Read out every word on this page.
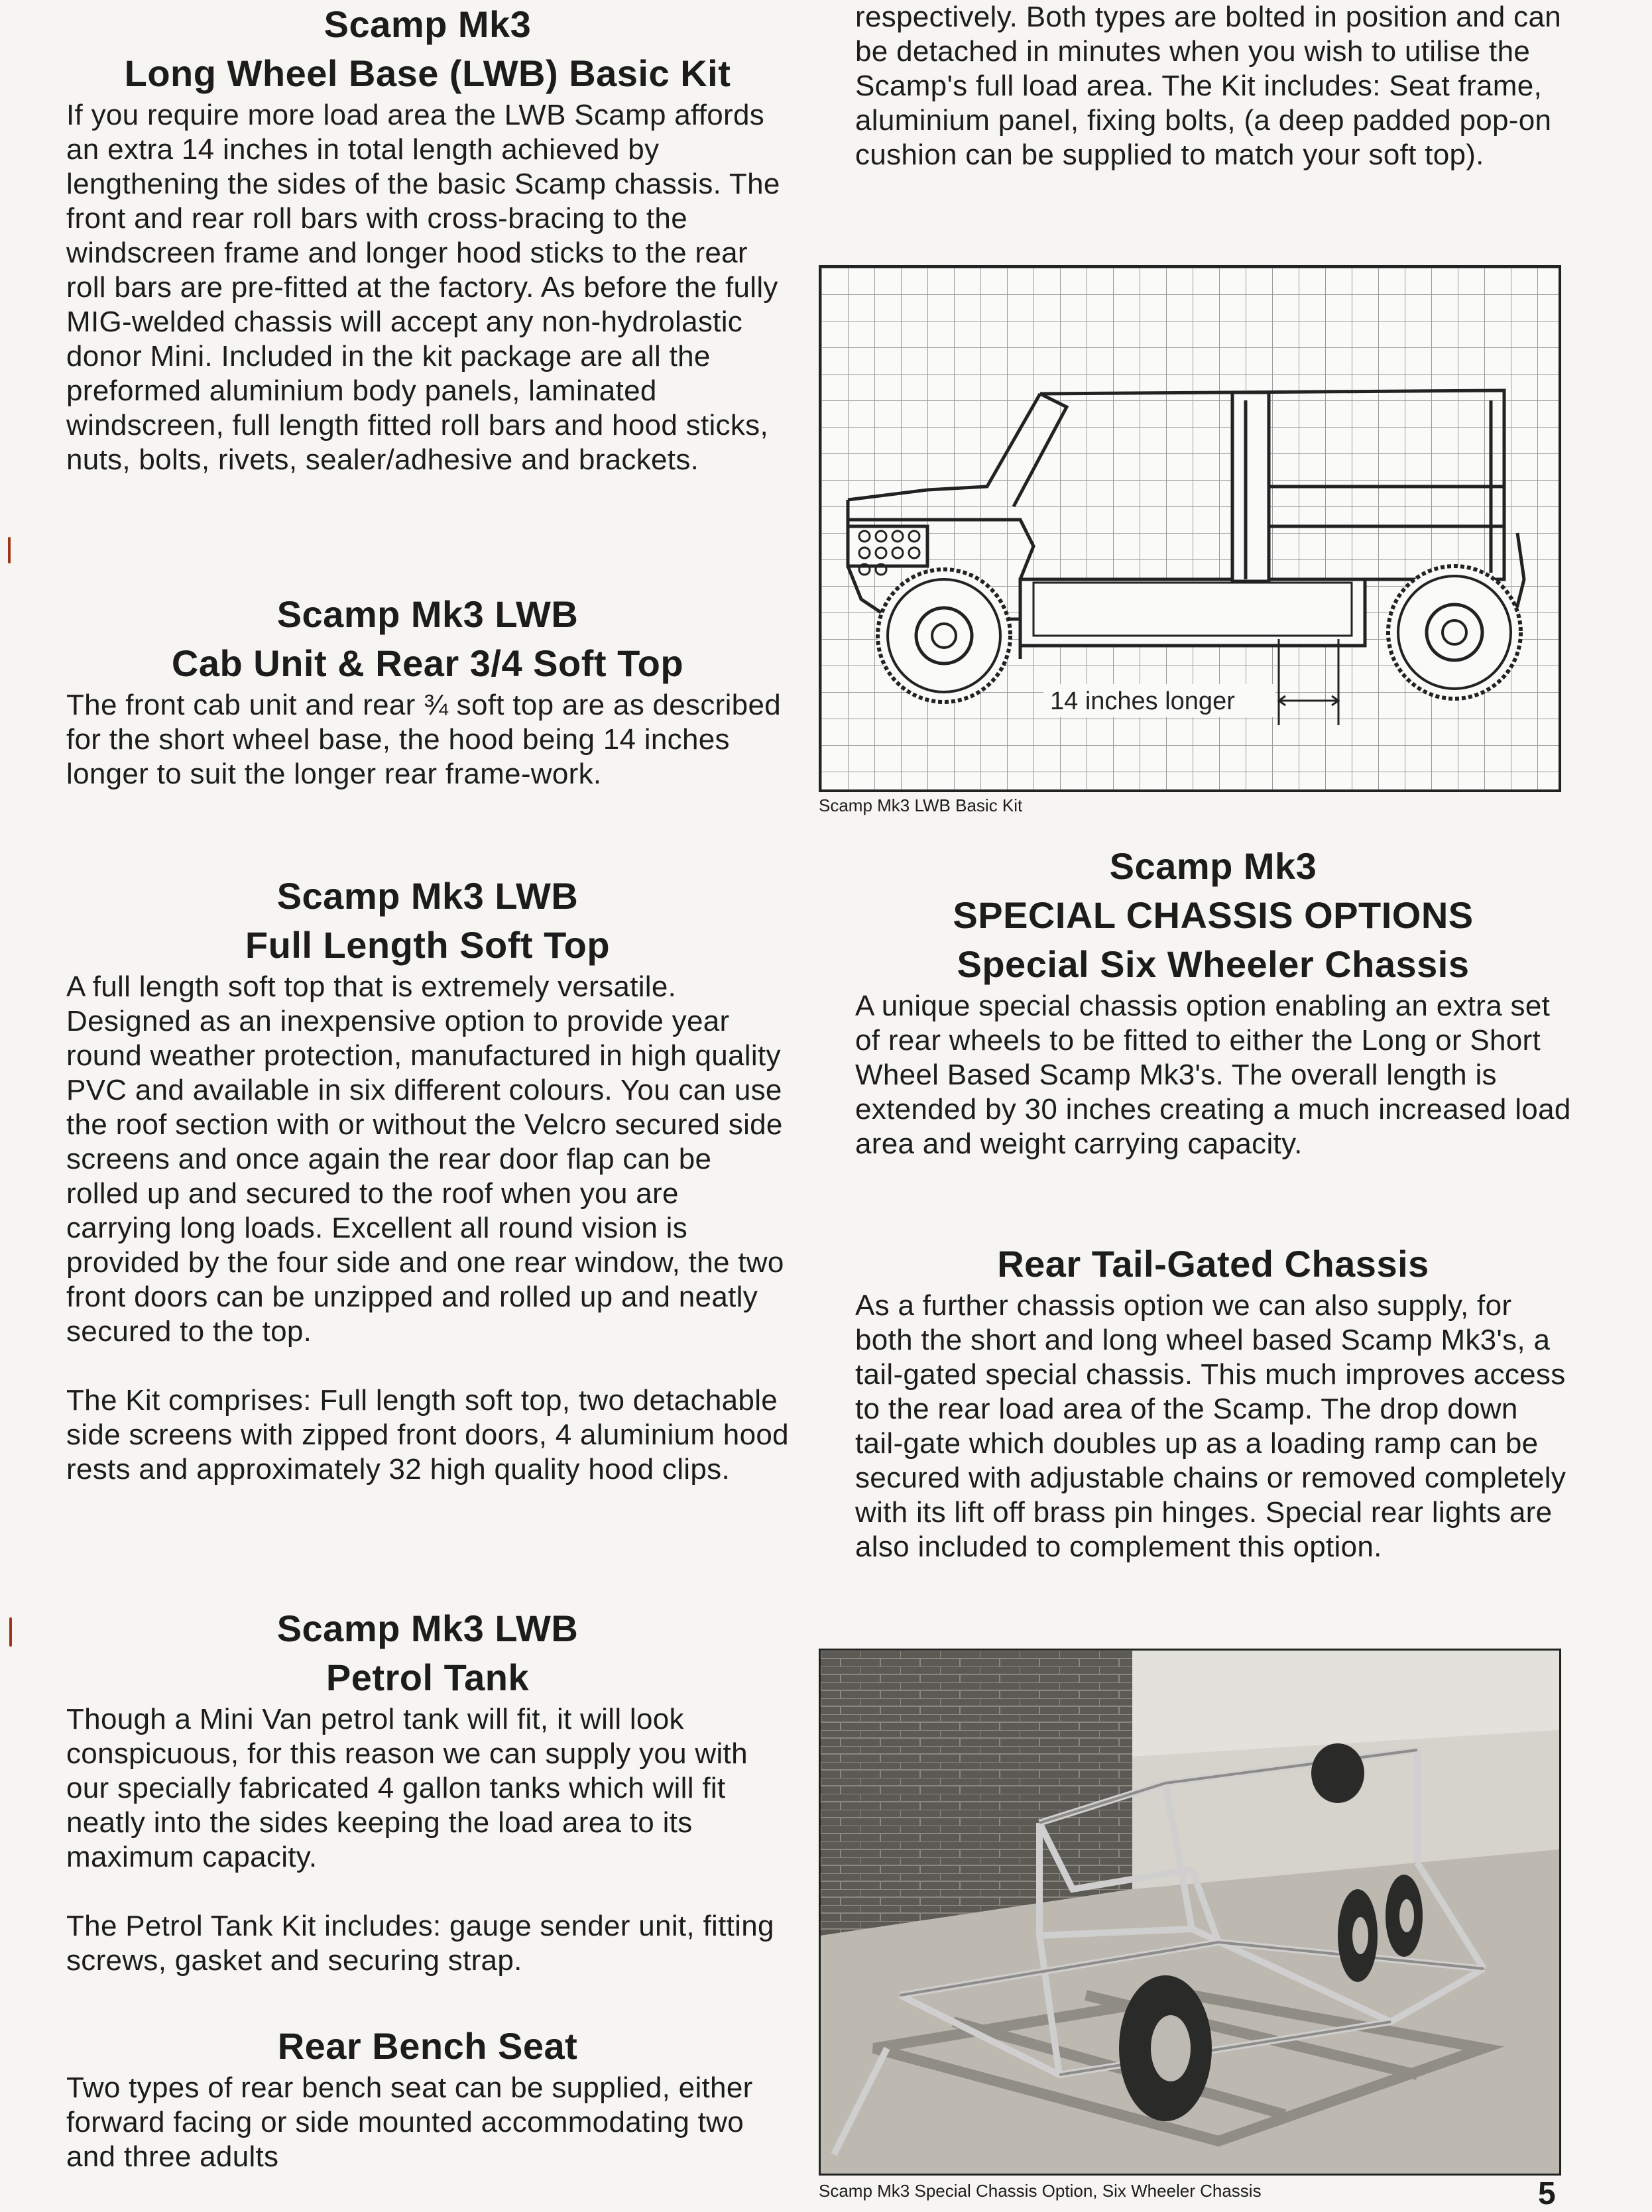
Scamp Mk3
Long Wheel Base (LWB) Basic Kit

If you require more load area the LWB Scamp affords an extra 14 inches in total length achieved by lengthening the sides of the basic Scamp chassis. The front and rear roll bars with cross-bracing to the windscreen frame and longer hood sticks to the rear roll bars are pre-fitted at the factory. As before the fully MIG-welded chassis will accept any non-hydrolastic donor Mini. Included in the kit package are all the preformed aluminium body panels, laminated windscreen, full length fitted roll bars and hood sticks, nuts, bolts, rivets, sealer/adhesive and brackets.

Scamp Mk3 LWB
Cab Unit & Rear 3/4 Soft Top

The front cab unit and rear ¾ soft top are as described for the short wheel base, the hood being 14 inches longer to suit the longer rear frame-work.

Scamp Mk3 LWB
Full Length Soft Top

A full length soft top that is extremely versatile. Designed as an inexpensive option to provide year round weather protection, manufactured in high quality PVC and available in six different colours. You can use the roof section with or without the Velcro secured side screens and once again the rear door flap can be rolled up and secured to the roof when you are carrying long loads. Excellent all round vision is provided by the four side and one rear window, the two front doors can be unzipped and rolled up and neatly secured to the top.

The Kit comprises: Full length soft top, two detachable side screens with zipped front doors, 4 aluminium hood rests and approximately 32 high quality hood clips.

Scamp Mk3 LWB
Petrol Tank

Though a Mini Van petrol tank will fit, it will look conspicuous, for this reason we can supply you with our specially fabricated 4 gallon tanks which will fit neatly into the sides keeping the load area to its maximum capacity.

The Petrol Tank Kit includes: gauge sender unit, fitting screws, gasket and securing strap.

Rear Bench Seat

Two types of rear bench seat can be supplied, either forward facing or side mounted accommodating two and three adults

respectively. Both types are bolted in position and can be detached in minutes when you wish to utilise the Scamp's full load area. The Kit includes: Seat frame, aluminium panel, fixing bolts, (a deep padded pop-on cushion can be supplied to match your soft top).

14 inches longer
Scamp Mk3 LWB Basic Kit
Scamp Mk3
SPECIAL CHASSIS OPTIONS
Special Six Wheeler Chassis

A unique special chassis option enabling an extra set of rear wheels to be fitted to either the Long or Short Wheel Based Scamp Mk3's. The overall length is extended by 30 inches creating a much increased load area and weight carrying capacity.

Rear Tail-Gated Chassis

As a further chassis option we can also supply, for both the short and long wheel based Scamp Mk3's, a tail-gated special chassis. This much improves access to the rear load area of the Scamp. The drop down tail-gate which doubles up as a loading ramp can be secured with adjustable chains or removed completely with its lift off brass pin hinges. Special rear lights are also included to complement this option.

Scamp Mk3 Special Chassis Option, Six Wheeler Chassis	5
